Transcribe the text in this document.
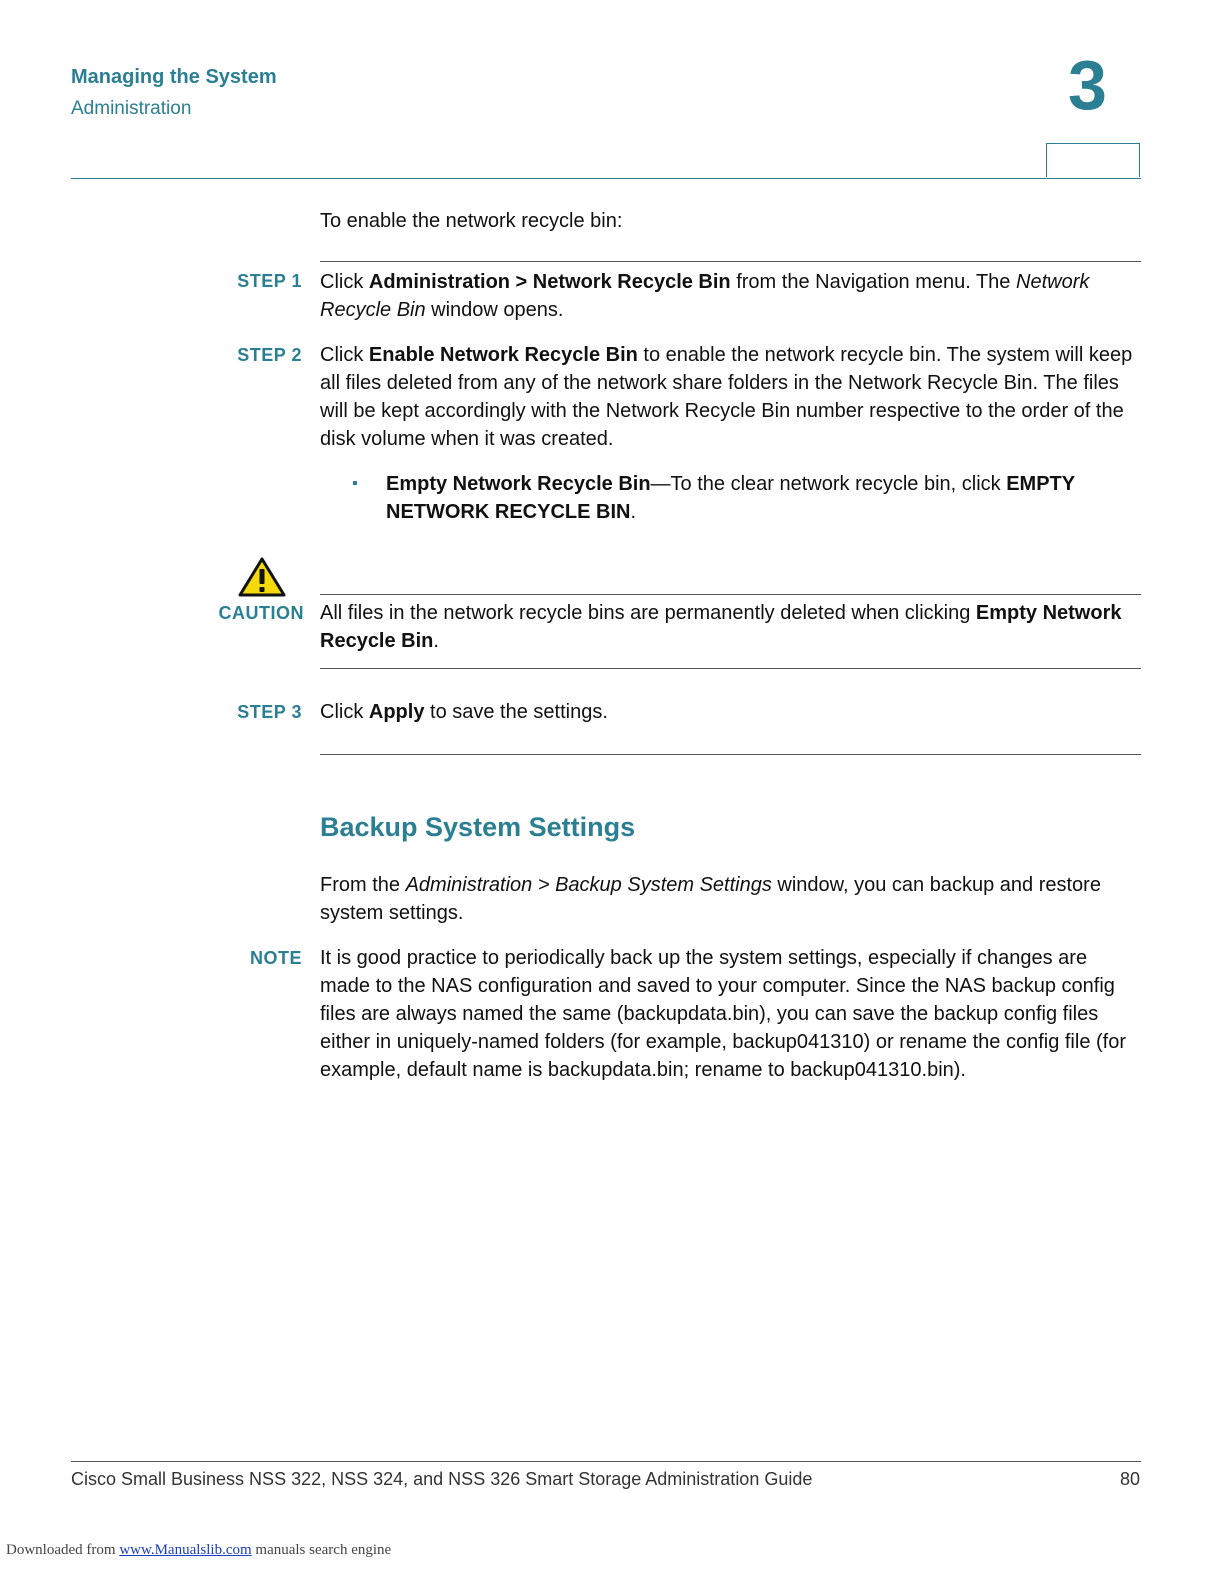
Managing the System
Administration	3
To enable the network recycle bin:
STEP 1 Click Administration > Network Recycle Bin from the Navigation menu. The Network Recycle Bin window opens.
STEP 2 Click Enable Network Recycle Bin to enable the network recycle bin. The system will keep all files deleted from any of the network share folders in the Network Recycle Bin. The files will be kept accordingly with the Network Recycle Bin number respective to the order of the disk volume when it was created.
▪ Empty Network Recycle Bin—To the clear network recycle bin, click EMPTY NETWORK RECYCLE BIN.
CAUTION All files in the network recycle bins are permanently deleted when clicking Empty Network Recycle Bin.
STEP 3 Click Apply to save the settings.
Backup System Settings
From the Administration > Backup System Settings window, you can backup and restore system settings.
NOTE It is good practice to periodically back up the system settings, especially if changes are made to the NAS configuration and saved to your computer. Since the NAS backup config files are always named the same (backupdata.bin), you can save the backup config files either in uniquely-named folders (for example, backup041310) or rename the config file (for example, default name is backupdata.bin; rename to backup041310.bin).
Cisco Small Business NSS 322, NSS 324, and NSS 326 Smart Storage Administration Guide	80
Downloaded from www.Manualslib.com manuals search engine
